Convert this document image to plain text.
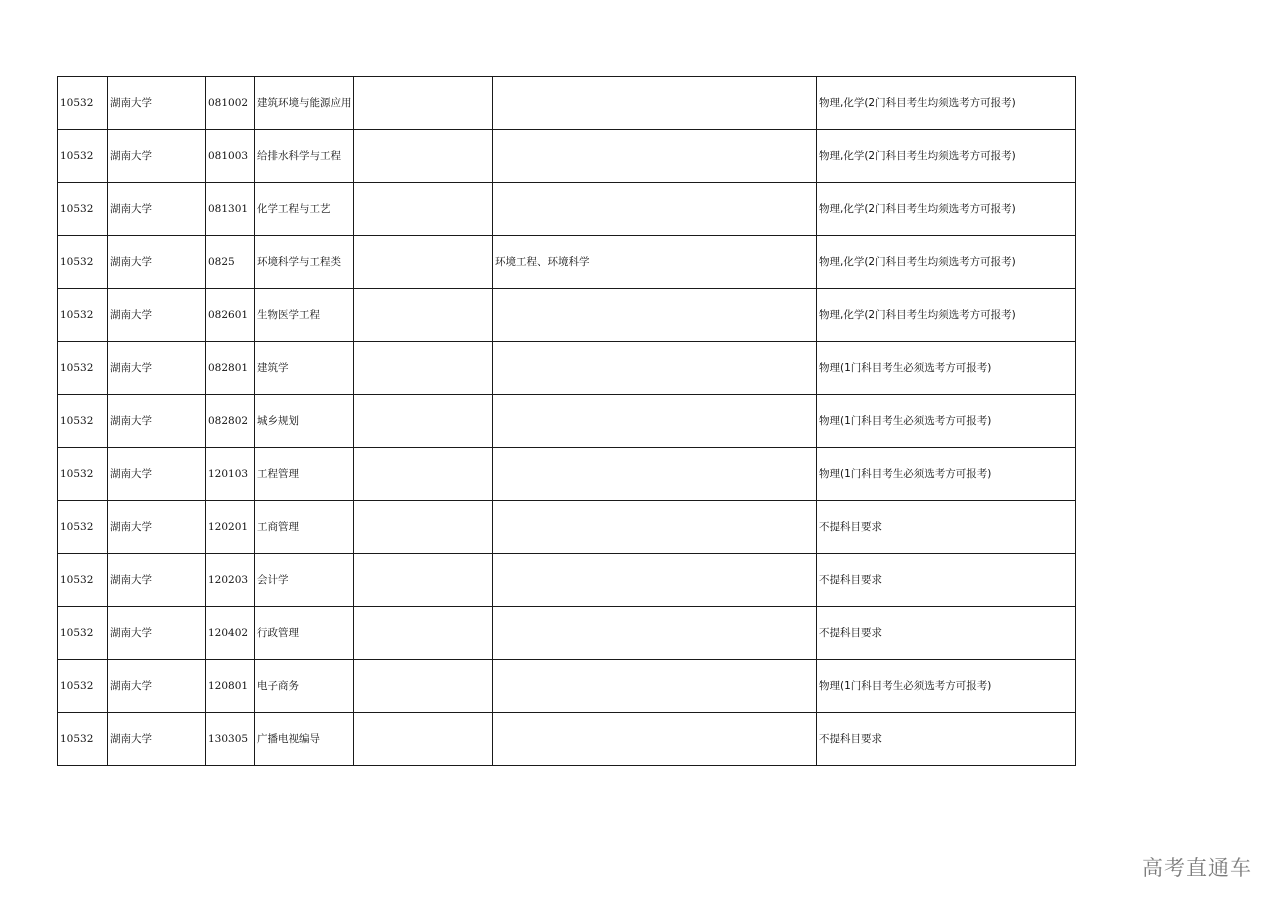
10532	湖南大学	081002	建筑环境与能源应用			物理,化学(2门科目考生均须选考方可报考)
10532	湖南大学	081003	给排水科学与工程			物理,化学(2门科目考生均须选考方可报考)
10532	湖南大学	081301	化学工程与工艺			物理,化学(2门科目考生均须选考方可报考)
10532	湖南大学	0825	环境科学与工程类		环境工程、环境科学	物理,化学(2门科目考生均须选考方可报考)
10532	湖南大学	082601	生物医学工程			物理,化学(2门科目考生均须选考方可报考)
10532	湖南大学	082801	建筑学			物理(1门科目考生必须选考方可报考)
10532	湖南大学	082802	城乡规划			物理(1门科目考生必须选考方可报考)
10532	湖南大学	120103	工程管理			物理(1门科目考生必须选考方可报考)
10532	湖南大学	120201	工商管理			不提科目要求
10532	湖南大学	120203	会计学			不提科目要求
10532	湖南大学	120402	行政管理			不提科目要求
10532	湖南大学	120801	电子商务			物理(1门科目考生必须选考方可报考)
10532	湖南大学	130305	广播电视编导			不提科目要求
高考直通车
